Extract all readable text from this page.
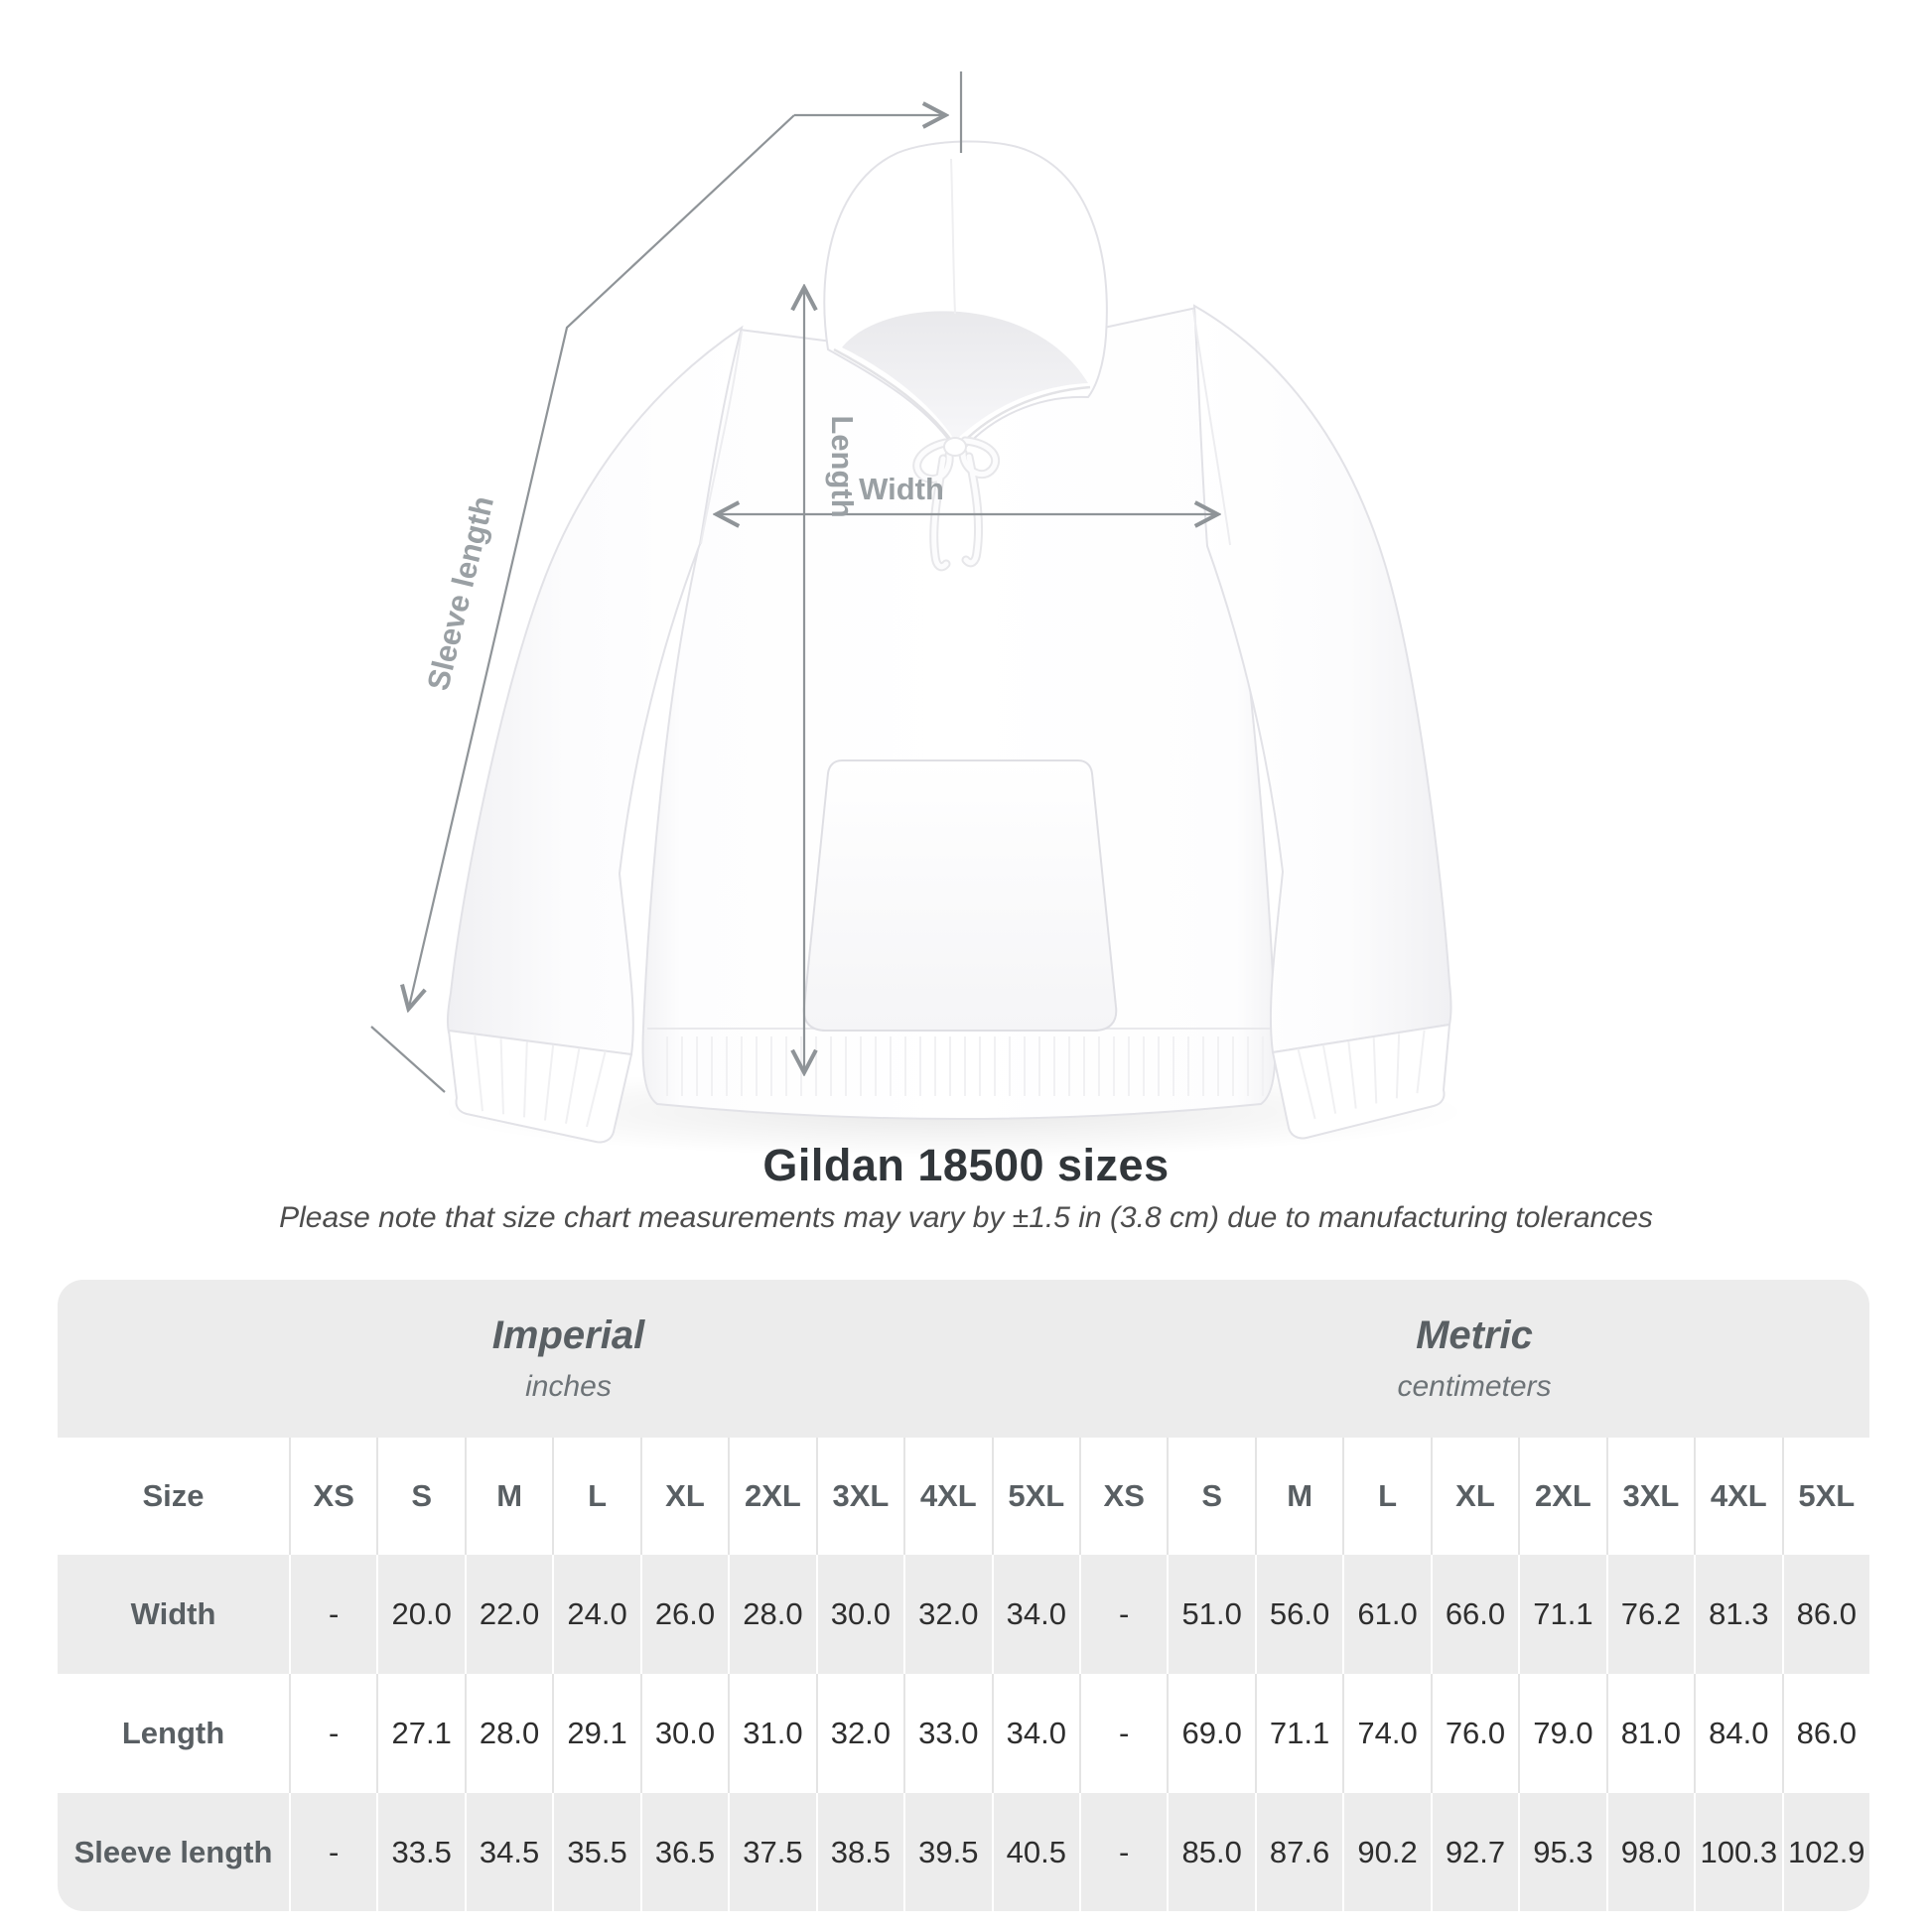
Sleeve length
Length Width
Gildan 18500 sizes
Please note that size chart measurements may vary by ±1.5 in (3.8 cm) due to manufacturing tolerances
Imperial
inches
Metric
centimeters
Size	XS	S	M	L	XL	2XL	3XL	4XL	5XL	XS	S	M	L	XL	2XL	3XL	4XL	5XL
Width	-	20.0 22.0 24.0 26.0 28.0 30.0 32.0 34.0	-	51.0 56.0 61.0 66.0 71.1 76.2 81.3 86.0
Length	-	27.1 28.0 29.1 30.0 31.0 32.0 33.0 34.0	-	69.0 71.1 74.0 76.0 79.0 81.0 84.0 86.0
Sleeve length	-	33.5 34.5 35.5 36.5 37.5 38.5 39.5 40.5	-	85.0 87.6 90.2 92.7 95.3 98.0 100.3 102.9
